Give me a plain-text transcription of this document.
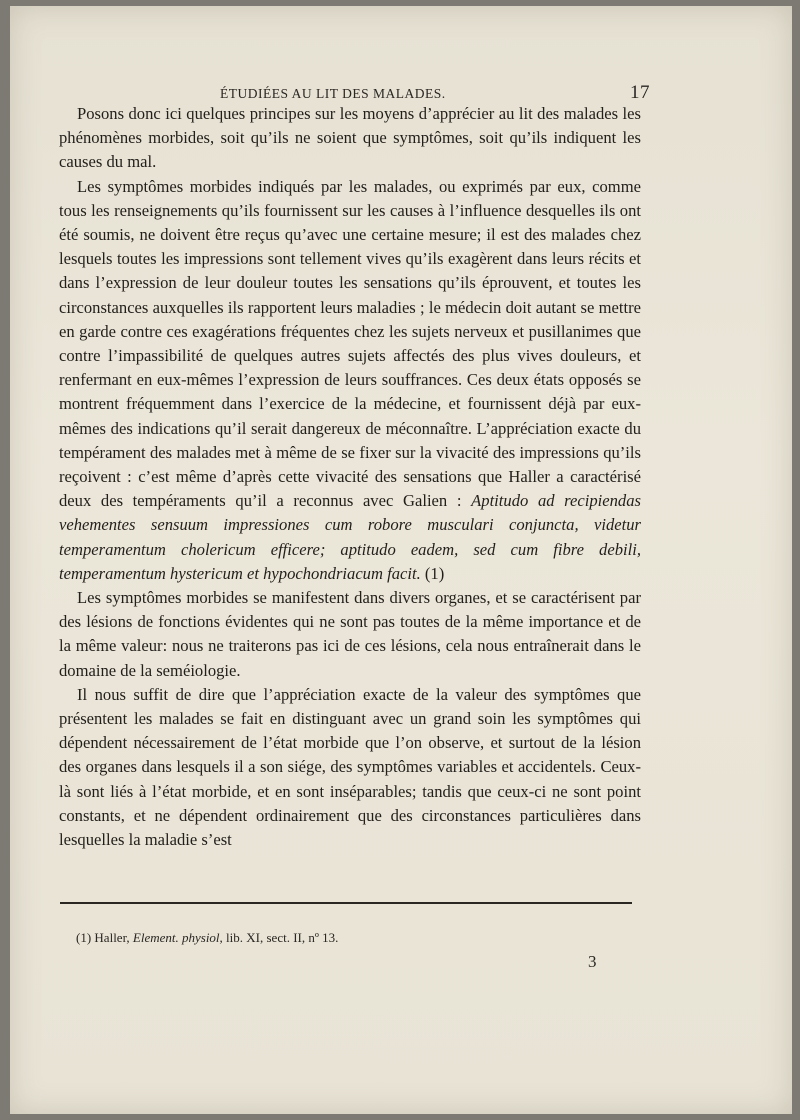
ÉTUDIÉES AU LIT DES MALADES.	17

Posons donc ici quelques principes sur les moyens d’apprécier au lit des malades les phénomènes morbides, soit qu’ils ne soient que symptômes, soit qu’ils indiquent les causes du mal.

Les symptômes morbides indiqués par les malades, ou exprimés par eux, comme tous les renseignements qu’ils fournissent sur les causes à l’influence desquelles ils ont été soumis, ne doivent être reçus qu’avec une certaine mesure; il est des malades chez lesquels toutes les impressions sont tellement vives qu’ils exagèrent dans leurs récits et dans l’expression de leur douleur toutes les sensations qu’ils éprouvent, et toutes les circonstances auxquelles ils rapportent leurs maladies ; le médecin doit autant se mettre en garde contre ces exagérations fréquentes chez les sujets nerveux et pusillanimes que contre l’impassibilité de quelques autres sujets affectés des plus vives douleurs, et renfermant en eux-mêmes l’expression de leurs souffrances. Ces deux états opposés se montrent fréquemment dans l’exercice de la médecine, et fournissent déjà par eux-mêmes des indications qu’il serait dangereux de méconnaître. L’appréciation exacte du tempérament des malades met à même de se fixer sur la vivacité des impressions qu’ils reçoivent : c’est même d’après cette vivacité des sensations que Haller a caractérisé deux des tempéraments qu’il a reconnus avec Galien : Aptitudo ad recipiendas vehementes sensuum impressiones cum robore musculari conjuncta, videtur temperamentum cholericum efficere; aptitudo eadem, sed cum fibre debili, temperamentum hystericum et hypochondriacum facit. (1)

Les symptômes morbides se manifestent dans divers organes, et se caractérisent par des lésions de fonctions évidentes qui ne sont pas toutes de la même importance et de la même valeur: nous ne traiterons pas ici de ces lésions, cela nous entraînerait dans le domaine de la seméiologie.

Il nous suffit de dire que l’appréciation exacte de la valeur des symptômes que présentent les malades se fait en distinguant avec un grand soin les symptômes qui dépendent nécessairement de l’état morbide que l’on observe, et surtout de la lésion des organes dans lesquels il a son siége, des symptômes variables et accidentels. Ceux-là sont liés à l’état morbide, et en sont inséparables; tandis que ceux-ci ne sont point constants, et ne dépendent ordinairement que des circonstances particulières dans lesquelles la maladie s’est

(1) Haller, Element. physiol, lib. XI, sect. II, nº 13.
3
